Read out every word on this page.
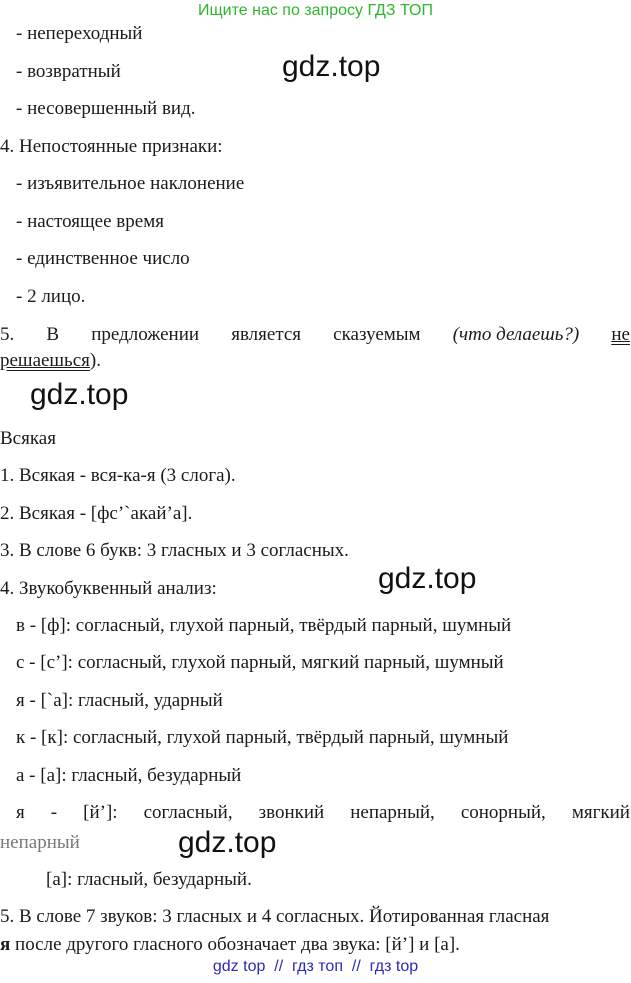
Ищите нас по запросу ГДЗ ТОП
- непереходный
- возвратный
- несовершенный вид.
4. Непостоянные признаки:
- изъявительное наклонение
- настоящее время
- единственное число
- 2 лицо.
gdz.top
5. В предложении является сказуемым (что делаешь?) не
решаешься).
gdz.top
Всякая
1. Всякая - вся-ка-я (3 слога).
2. Всякая - [фс’`акай’а].
3. В слове 6 букв: 3 гласных и 3 согласных.
4. Звукобуквенный анализ:	gdz.top
в - [ф]: согласный, глухой парный, твёрдый парный, шумный
с - [с’]: согласный, глухой парный, мягкий парный, шумный
я - [`а]: гласный, ударный
к - [к]: согласный, глухой парный, твёрдый парный, шумный
а - [а]: гласный, безударный
я - [й’]: согласный, звонкий непарный, сонорный, мягкий
непарный	gdz.top
[а]: гласный, безударный.
5. В слове 7 звуков: 3 гласных и 4 согласных. Йотированная гласная
я после другого гласного обозначает два звука: [й’] и [а].
gdz top  //  гдз топ  //  гдз top
